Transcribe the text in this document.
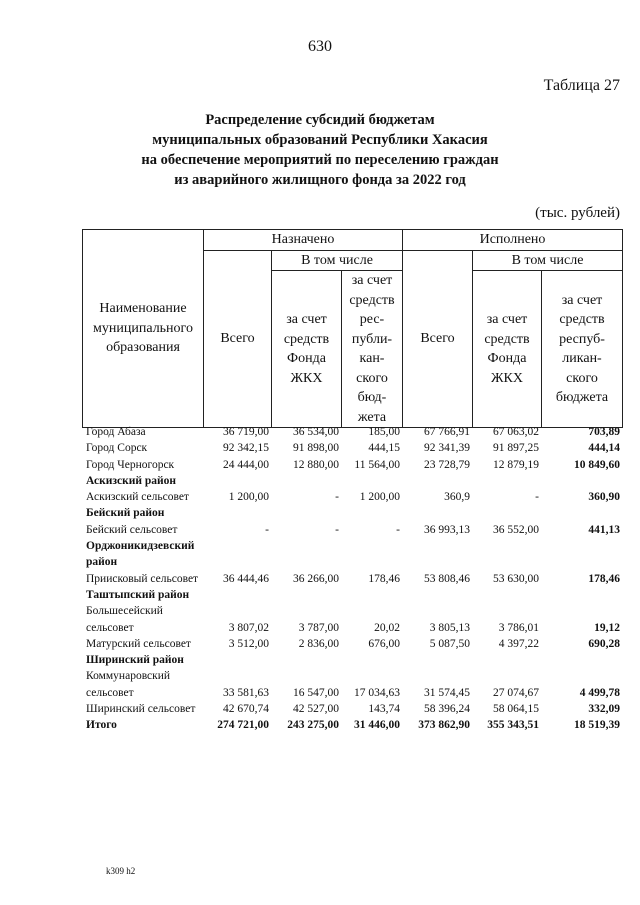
630
Таблица 27
Распределение субсидий бюджетам
муниципальных образований Республики Хакасия
на обеспечение мероприятий по переселению граждан
из аварийного жилищного фонда за 2022 год
(тыс. рублей)
Наименование
муниципального
образования	Назначено			Исполнено		
	Всего	В том числе		Всего	В том числе	

за счет
средств
Фонда
ЖКХ

за счет
средств
рес-
публи-
кан-
ского
бюд-
жета

за счет
средств
Фонда
ЖКХ

за счет
средств
респуб-
ликан-
ского
бюджета
Город Абаза	36 719,00	36 534,00	185,00	67 766,91	67 063,02	703,89
Город Сорск	92 342,15	91 898,00	444,15	92 341,39	91 897,25	444,14
Город Черногорск	24 444,00	12 880,00	11 564,00	23 728,79	12 879,19	10 849,60
Аскизский район						
Аскизский сельсовет	1 200,00	-	1 200,00	360,9	-	360,90
Бейский район						
Бейский сельсовет	-	-	-	36 993,13	36 552,00	441,13
Орджоникидзевский район						
Приисковый сельсовет	36 444,46	36 266,00	178,46	53 808,46	53 630,00	178,46
Таштыпский район						
Большесейский сельсовет	3 807,02	3 787,00	20,02	3 805,13	3 786,01	19,12
Матурский сельсовет	3 512,00	2 836,00	676,00	5 087,50	4 397,22	690,28
Ширинский район						
Коммунаровский сельсовет	33 581,63	16 547,00	17 034,63	31 574,45	27 074,67	4 499,78
Ширинский сельсовет	42 670,74	42 527,00	143,74	58 396,24	58 064,15	332,09
Итого	274 721,00	243 275,00	31 446,00	373 862,90	355 343,51	18 519,39
k309 h2
